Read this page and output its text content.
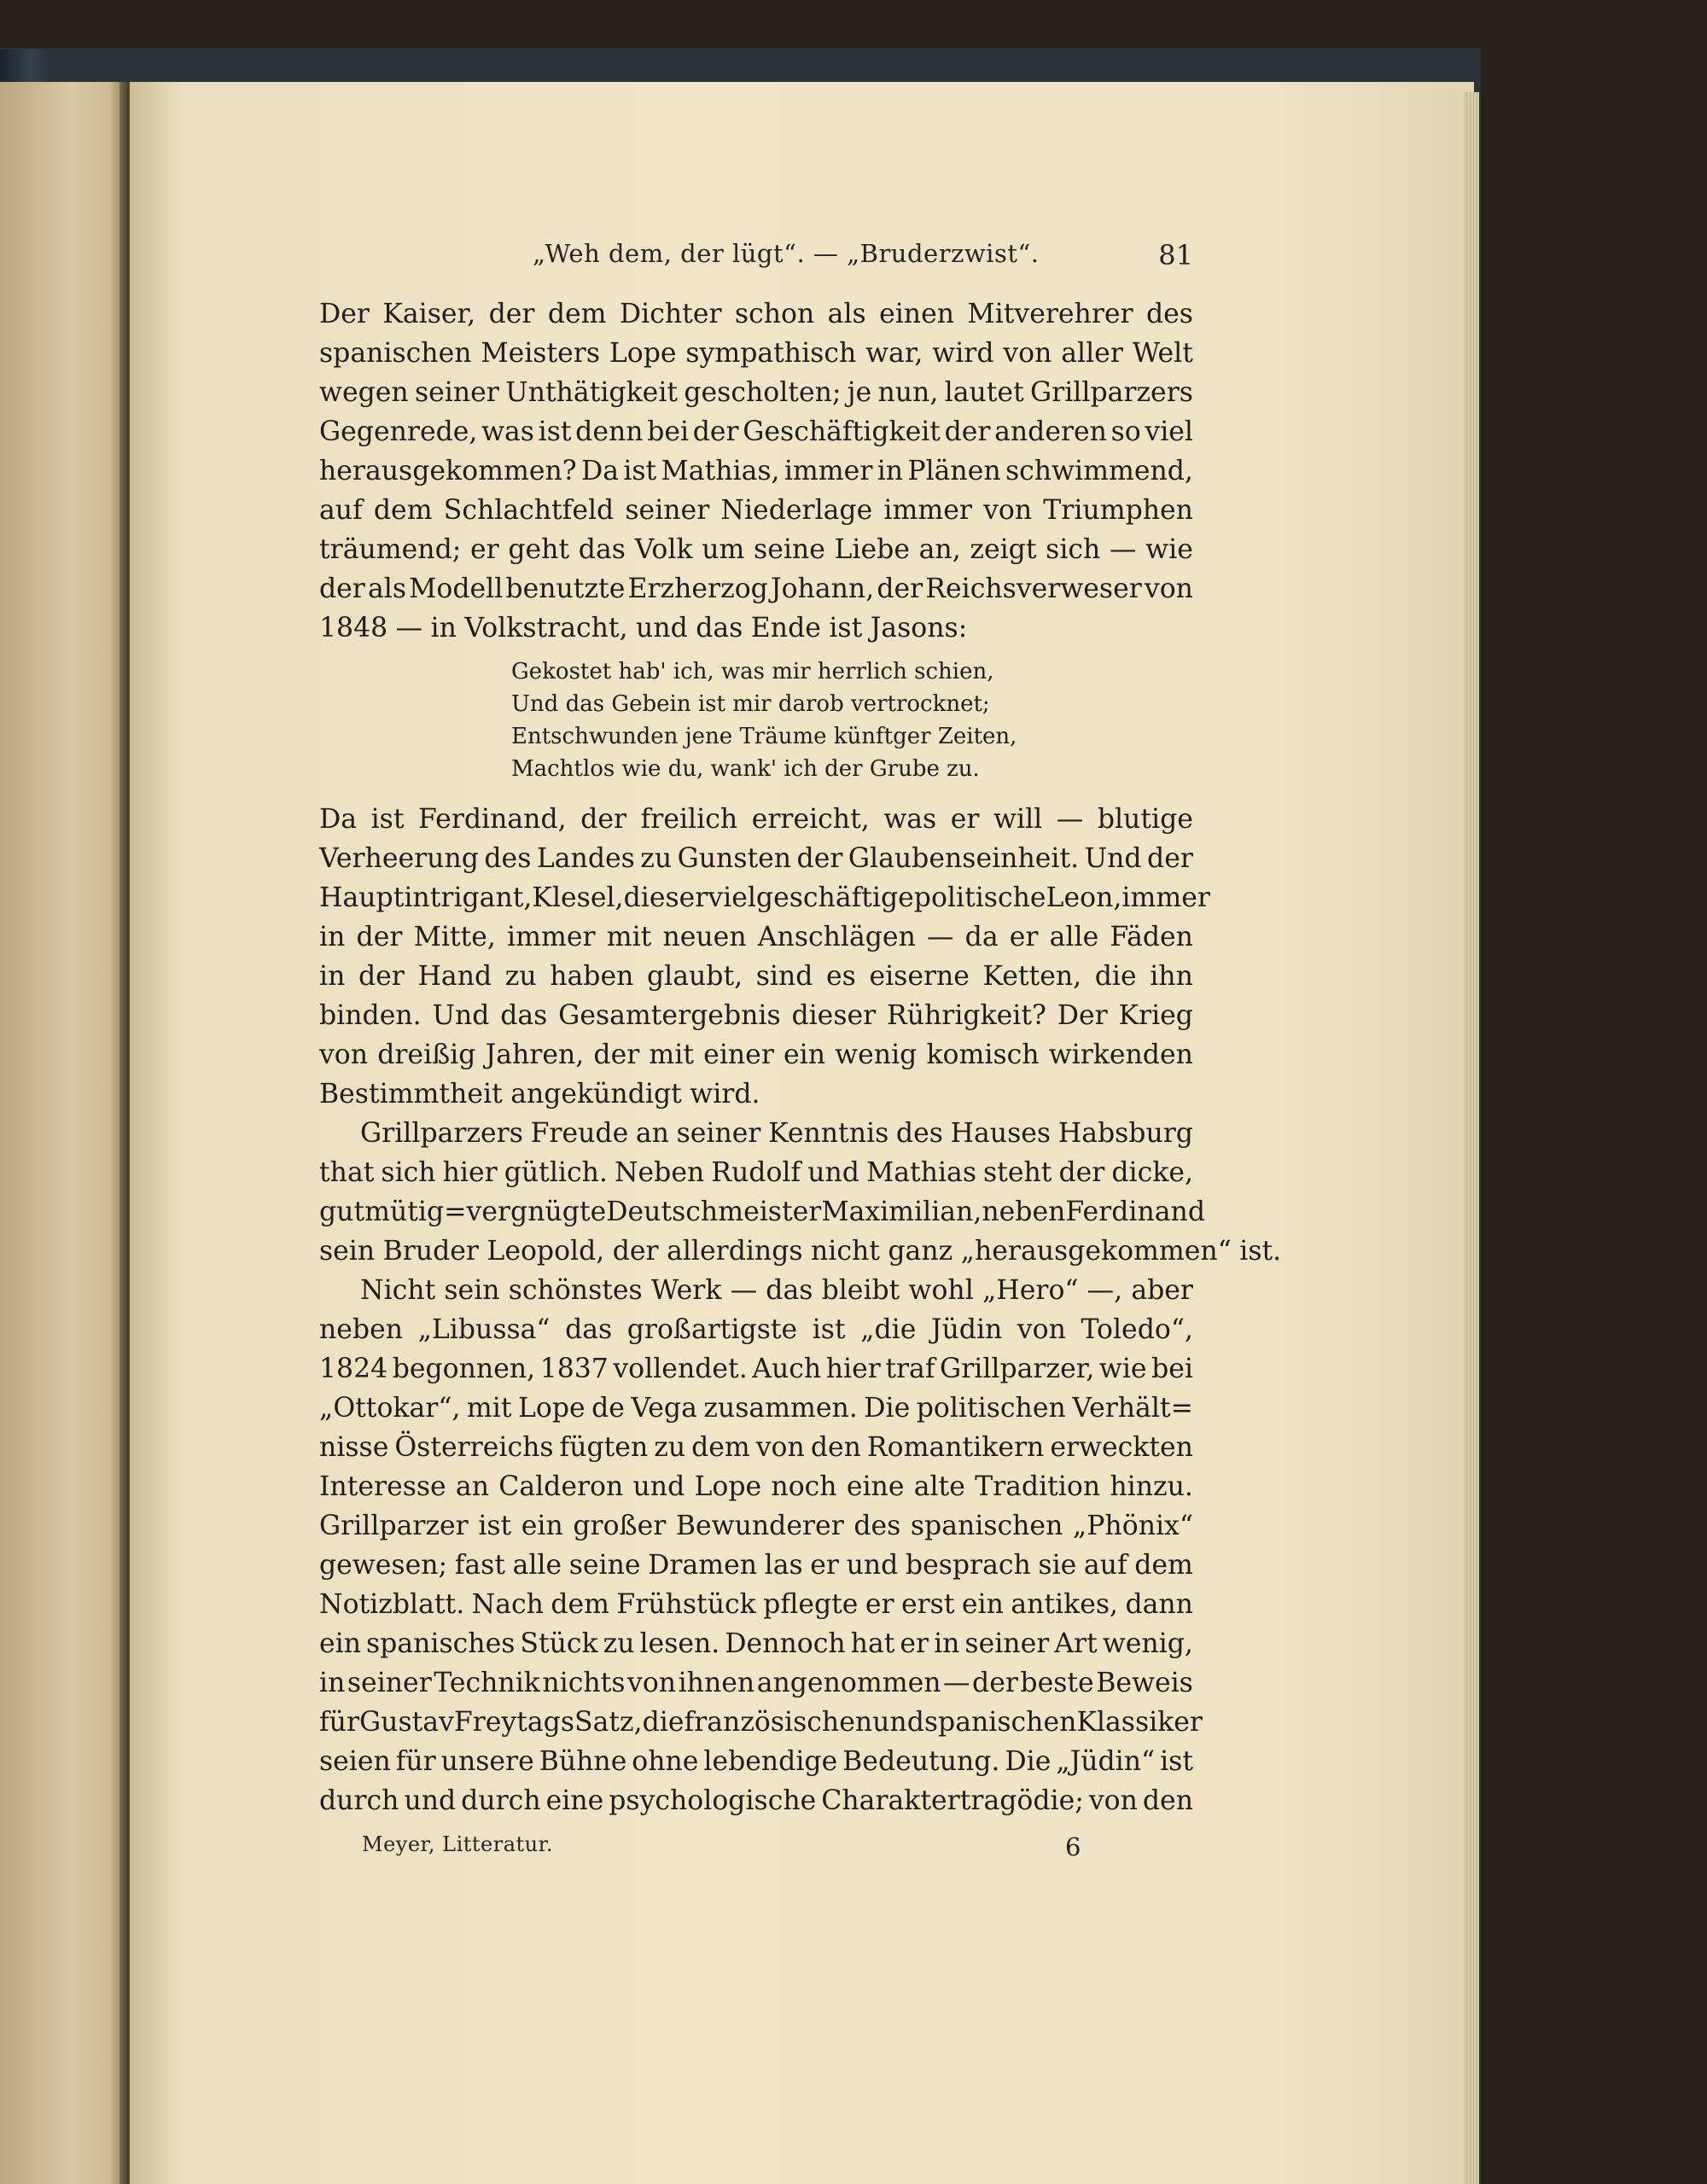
„Weh dem, der lügt“. — „Bruderzwist“.	81
Der Kaiser, der dem Dichter schon als einen Mitverehrer des
spanischen Meisters Lope sympathisch war, wird von aller Welt
wegen seiner Unthätigkeit gescholten; je nun, lautet Grillparzers
Gegenrede, was ist denn bei der Geschäftigkeit der anderen so viel
herausgekommen? Da ist Mathias, immer in Plänen schwimmend,
auf dem Schlachtfeld seiner Niederlage immer von Triumphen
träumend; er geht das Volk um seine Liebe an, zeigt sich — wie
der als Modell benutzte Erzherzog Johann, der Reichsverweser von
1848 — in Volkstracht, und das Ende ist Jasons:
Gekostet hab' ich, was mir herrlich schien,
Und das Gebein ist mir darob vertrocknet;
Entschwunden jene Träume künftger Zeiten,
Machtlos wie du, wank' ich der Grube zu.
Da ist Ferdinand, der freilich erreicht, was er will — blutige
Verheerung des Landes zu Gunsten der Glaubenseinheit. Und der
Hauptintrigant, Klesel, dieser vielgeschäftige politische Leon, immer
in der Mitte, immer mit neuen Anschlägen — da er alle Fäden
in der Hand zu haben glaubt, sind es eiserne Ketten, die ihn
binden. Und das Gesamtergebnis dieser Rührigkeit? Der Krieg
von dreißig Jahren, der mit einer ein wenig komisch wirkenden
Bestimmtheit angekündigt wird.
Grillparzers Freude an seiner Kenntnis des Hauses Habsburg
that sich hier gütlich. Neben Rudolf und Mathias steht der dicke,
gutmütig=vergnügte Deutschmeister Maximilian, neben Ferdinand
sein Bruder Leopold, der allerdings nicht ganz „herausgekommen“ ist.
Nicht sein schönstes Werk — das bleibt wohl „Hero“ —, aber
neben „Libussa“ das großartigste ist „die Jüdin von Toledo“,
1824 begonnen, 1837 vollendet. Auch hier traf Grillparzer, wie bei
„Ottokar“, mit Lope de Vega zusammen. Die politischen Verhält=
nisse Österreichs fügten zu dem von den Romantikern erweckten
Interesse an Calderon und Lope noch eine alte Tradition hinzu.
Grillparzer ist ein großer Bewunderer des spanischen „Phönix“
gewesen; fast alle seine Dramen las er und besprach sie auf dem
Notizblatt. Nach dem Frühstück pflegte er erst ein antikes, dann
ein spanisches Stück zu lesen. Dennoch hat er in seiner Art wenig,
in seiner Technik nichts von ihnen angenommen — der beste Beweis
für Gustav Freytags Satz, die französischen und spanischen Klassiker
seien für unsere Bühne ohne lebendige Bedeutung. Die „Jüdin“ ist
durch und durch eine psychologische Charaktertragödie; von den
Meyer, Litteratur.	6
